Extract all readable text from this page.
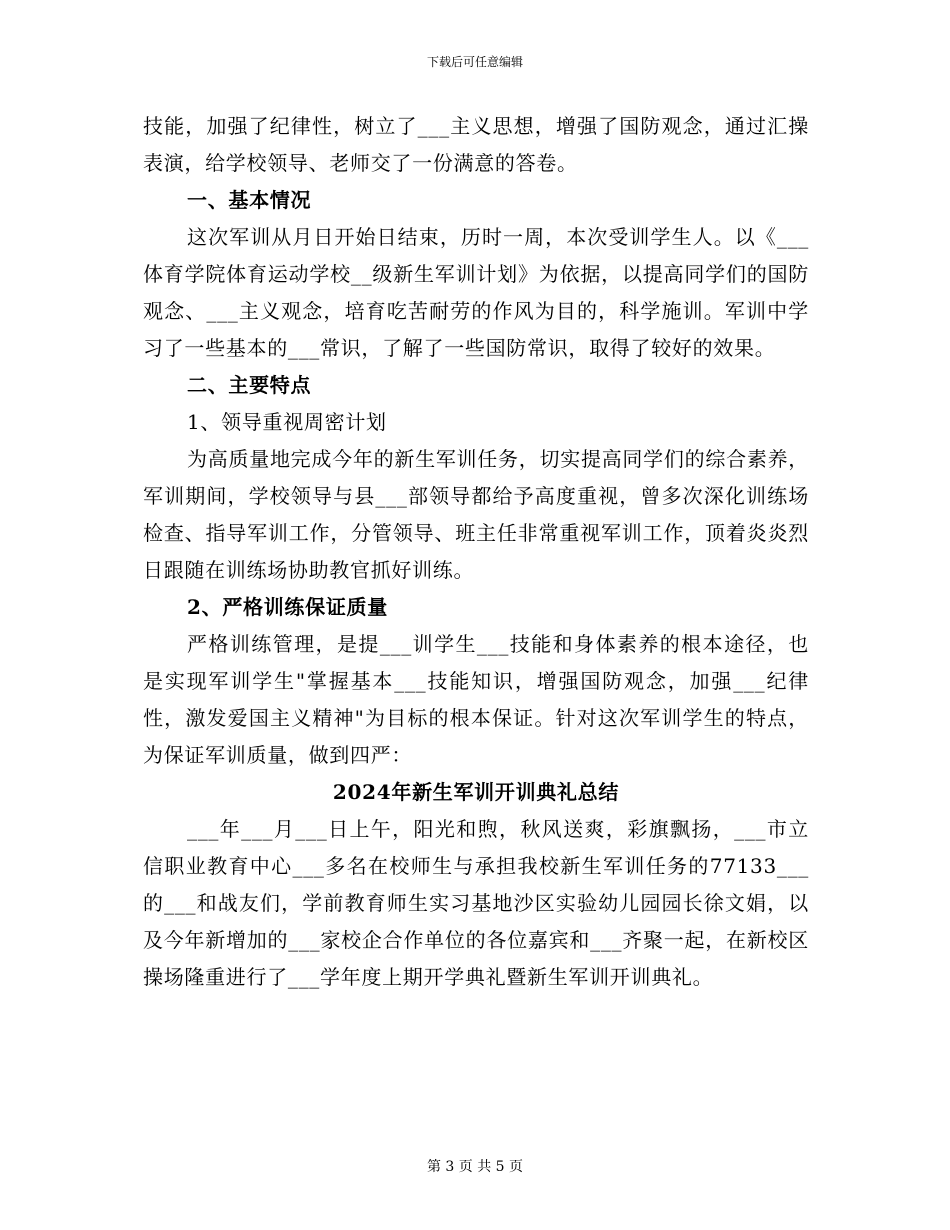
下载后可任意编辑

技能，加强了纪律性，树立了___主义思想，增强了国防观念，通过汇操表演，给学校领导、老师交了一份满意的答卷。

一、基本情况

这次军训从月日开始日结束，历时一周，本次受训学生人。以《___体育学院体育运动学校__级新生军训计划》为依据，以提高同学们的国防观念、___主义观念，培育吃苦耐劳的作风为目的，科学施训。军训中学习了一些基本的___常识，了解了一些国防常识，取得了较好的效果。

二、主要特点

1、领导重视周密计划

为高质量地完成今年的新生军训任务，切实提高同学们的综合素养，军训期间，学校领导与县___部领导都给予高度重视，曾多次深化训练场检查、指导军训工作，分管领导、班主任非常重视军训工作，顶着炎炎烈日跟随在训练场协助教官抓好训练。

2、严格训练保证质量

严格训练管理，是提___训学生___技能和身体素养的根本途径，也是实现军训学生"掌握基本___技能知识，增强国防观念，加强___纪律性，激发爱国主义精神"为目标的根本保证。针对这次军训学生的特点，为保证军训质量，做到四严：

2024年新生军训开训典礼总结

___年___月___日上午，阳光和煦，秋风送爽，彩旗飘扬，___市立信职业教育中心___多名在校师生与承担我校新生军训任务的77133___的___和战友们，学前教育师生实习基地沙区实验幼儿园园长徐文娟，以及今年新增加的___家校企合作单位的各位嘉宾和___齐聚一起，在新校区操场隆重进行了___学年度上期开学典礼暨新生军训开训典礼。

第 3 页 共 5 页
